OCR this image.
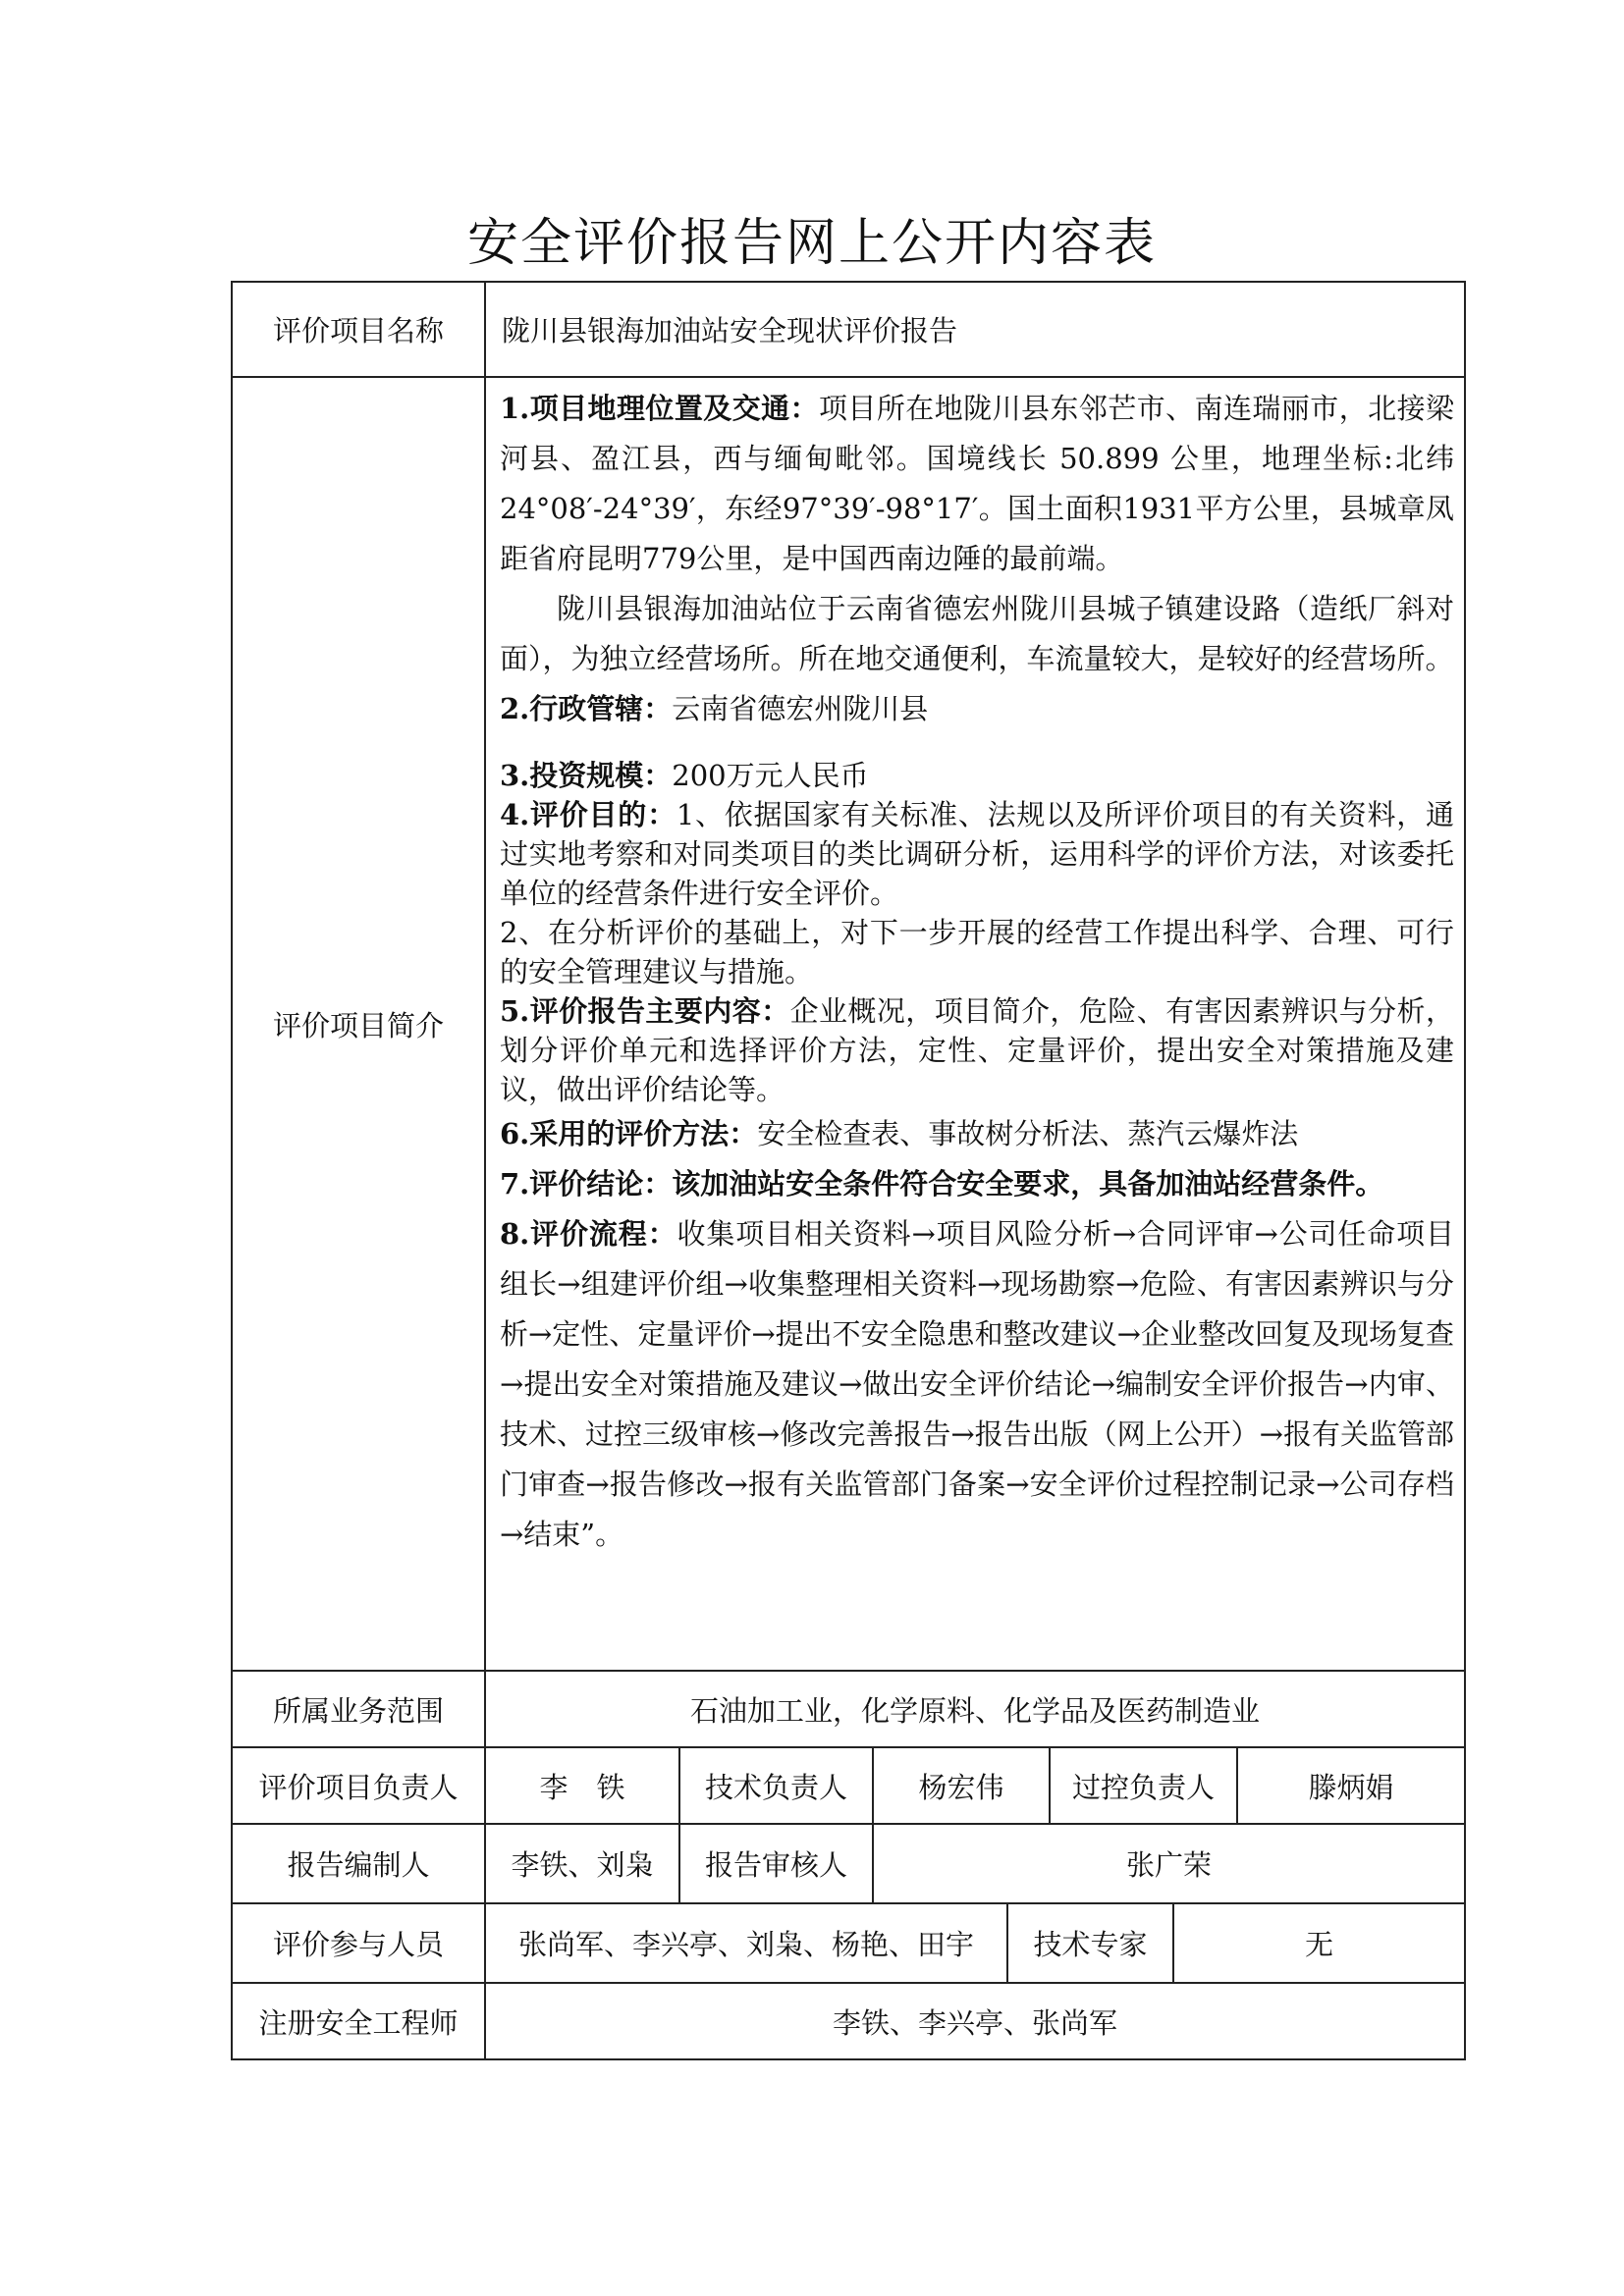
安全评价报告网上公开内容表
评价项目名称	陇川县银海加油站安全现状评价报告
评价项目简介

1.项目地理位置及交通：项目所在地陇川县东邻芒市、南连瑞丽市，北接梁河县、盈江县，西与缅甸毗邻。国境线长 50.899 公里，地理坐标:北纬24°08′-24°39′，东经97°39′-98°17′。国土面积1931平方公里，县城章凤距省府昆明779公里，是中国西南边陲的最前端。

陇川县银海加油站位于云南省德宏州陇川县城子镇建设路（造纸厂斜对面），为独立经营场所。所在地交通便利，车流量较大，是较好的经营场所。

2.行政管辖：云南省德宏州陇川县

3.投资规模：200万元人民币

4.评价目的：1、依据国家有关标准、法规以及所评价项目的有关资料，通过实地考察和对同类项目的类比调研分析，运用科学的评价方法，对该委托单位的经营条件进行安全评价。

2、在分析评价的基础上，对下一步开展的经营工作提出科学、合理、可行的安全管理建议与措施。

5.评价报告主要内容：企业概况，项目简介，危险、有害因素辨识与分析，划分评价单元和选择评价方法，定性、定量评价，提出安全对策措施及建议，做出评价结论等。

6.采用的评价方法：安全检查表、事故树分析法、蒸汽云爆炸法

7.评价结论：该加油站安全条件符合安全要求，具备加油站经营条件。

8.评价流程：收集项目相关资料→项目风险分析→合同评审→公司任命项目组长→组建评价组→收集整理相关资料→现场勘察→危险、有害因素辨识与分析→定性、定量评价→提出不安全隐患和整改建议→企业整改回复及现场复查→提出安全对策措施及建议→做出安全评价结论→编制安全评价报告→内审、技术、过控三级审核→修改完善报告→报告出版（网上公开）→报有关监管部门审查→报告修改→报有关监管部门备案→安全评价过程控制记录→公司存档→结束”。

所属业务范围	石油加工业，化学原料、化学品及医药制造业
评价项目负责人	李　铁	技术负责人	杨宏伟	过控负责人	滕炳娟
报告编制人	李铁、刘枭	报告审核人	张广荣
评价参与人员	张尚军、李兴亭、刘枭、杨艳、田宇	技术专家	无
注册安全工程师	李铁、李兴亭、张尚军
